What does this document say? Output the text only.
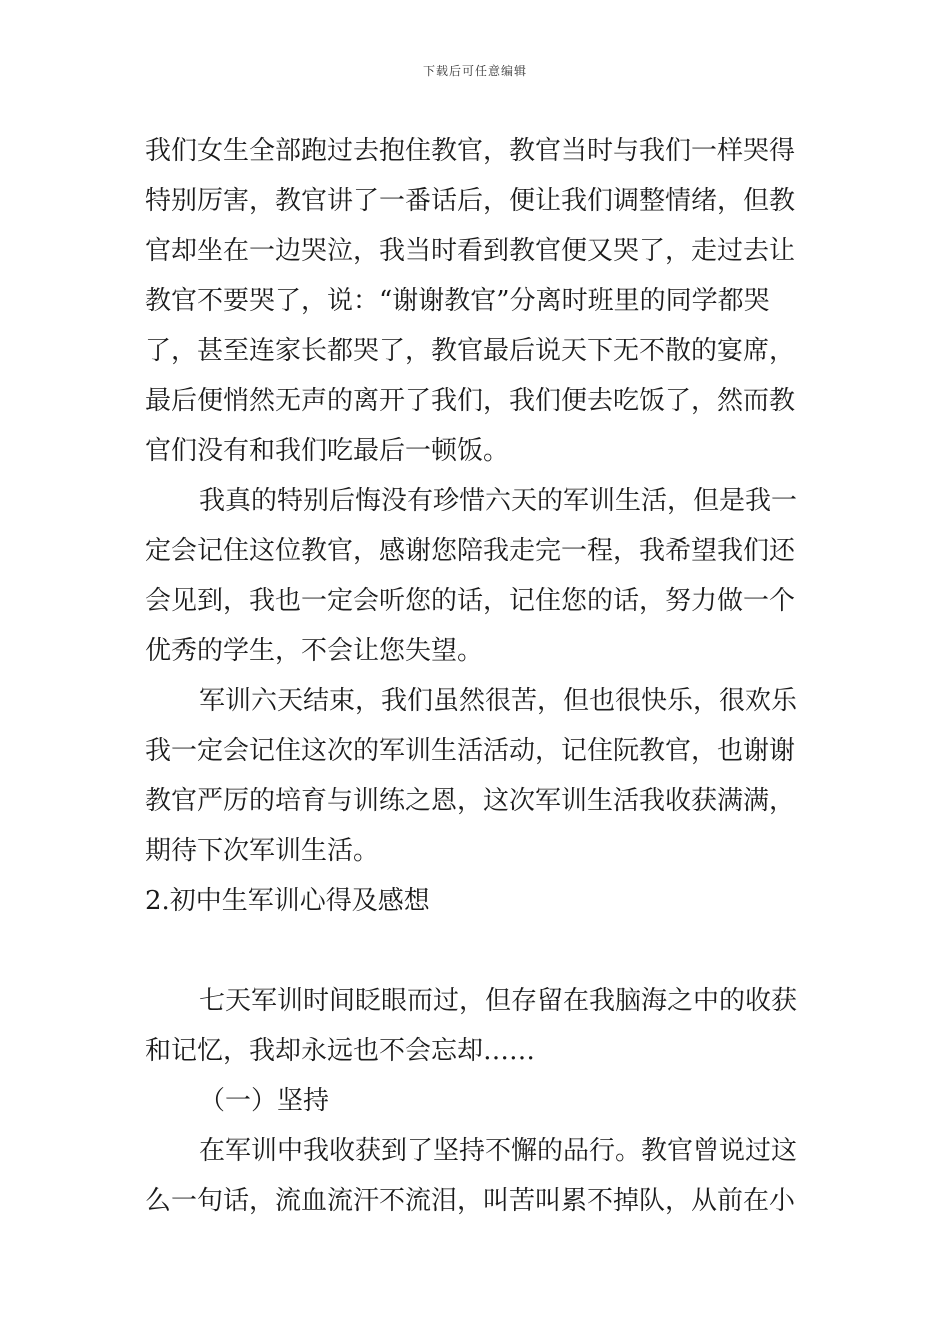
下载后可任意编辑
我们女生全部跑过去抱住教官，教官当时与我们一样哭得
特别厉害，教官讲了一番话后，便让我们调整情绪，但教
官却坐在一边哭泣，我当时看到教官便又哭了，走过去让
教官不要哭了，说：“谢谢教官”分离时班里的同学都哭
了，甚至连家长都哭了，教官最后说天下无不散的宴席，
最后便悄然无声的离开了我们，我们便去吃饭了，然而教
官们没有和我们吃最后一顿饭。
我真的特别后悔没有珍惜六天的军训生活，但是我一
定会记住这位教官，感谢您陪我走完一程，我希望我们还
会见到，我也一定会听您的话，记住您的话，努力做一个
优秀的学生，不会让您失望。
军训六天结束，我们虽然很苦，但也很快乐，很欢乐
我一定会记住这次的军训生活活动，记住阮教官，也谢谢
教官严厉的培育与训练之恩，这次军训生活我收获满满，
期待下次军训生活。
2.初中生军训心得及感想
七天军训时间眨眼而过，但存留在我脑海之中的收获
和记忆，我却永远也不会忘却……
（一）坚持
在军训中我收获到了坚持不懈的品行。教官曾说过这
么一句话，流血流汗不流泪，叫苦叫累不掉队，从前在小
